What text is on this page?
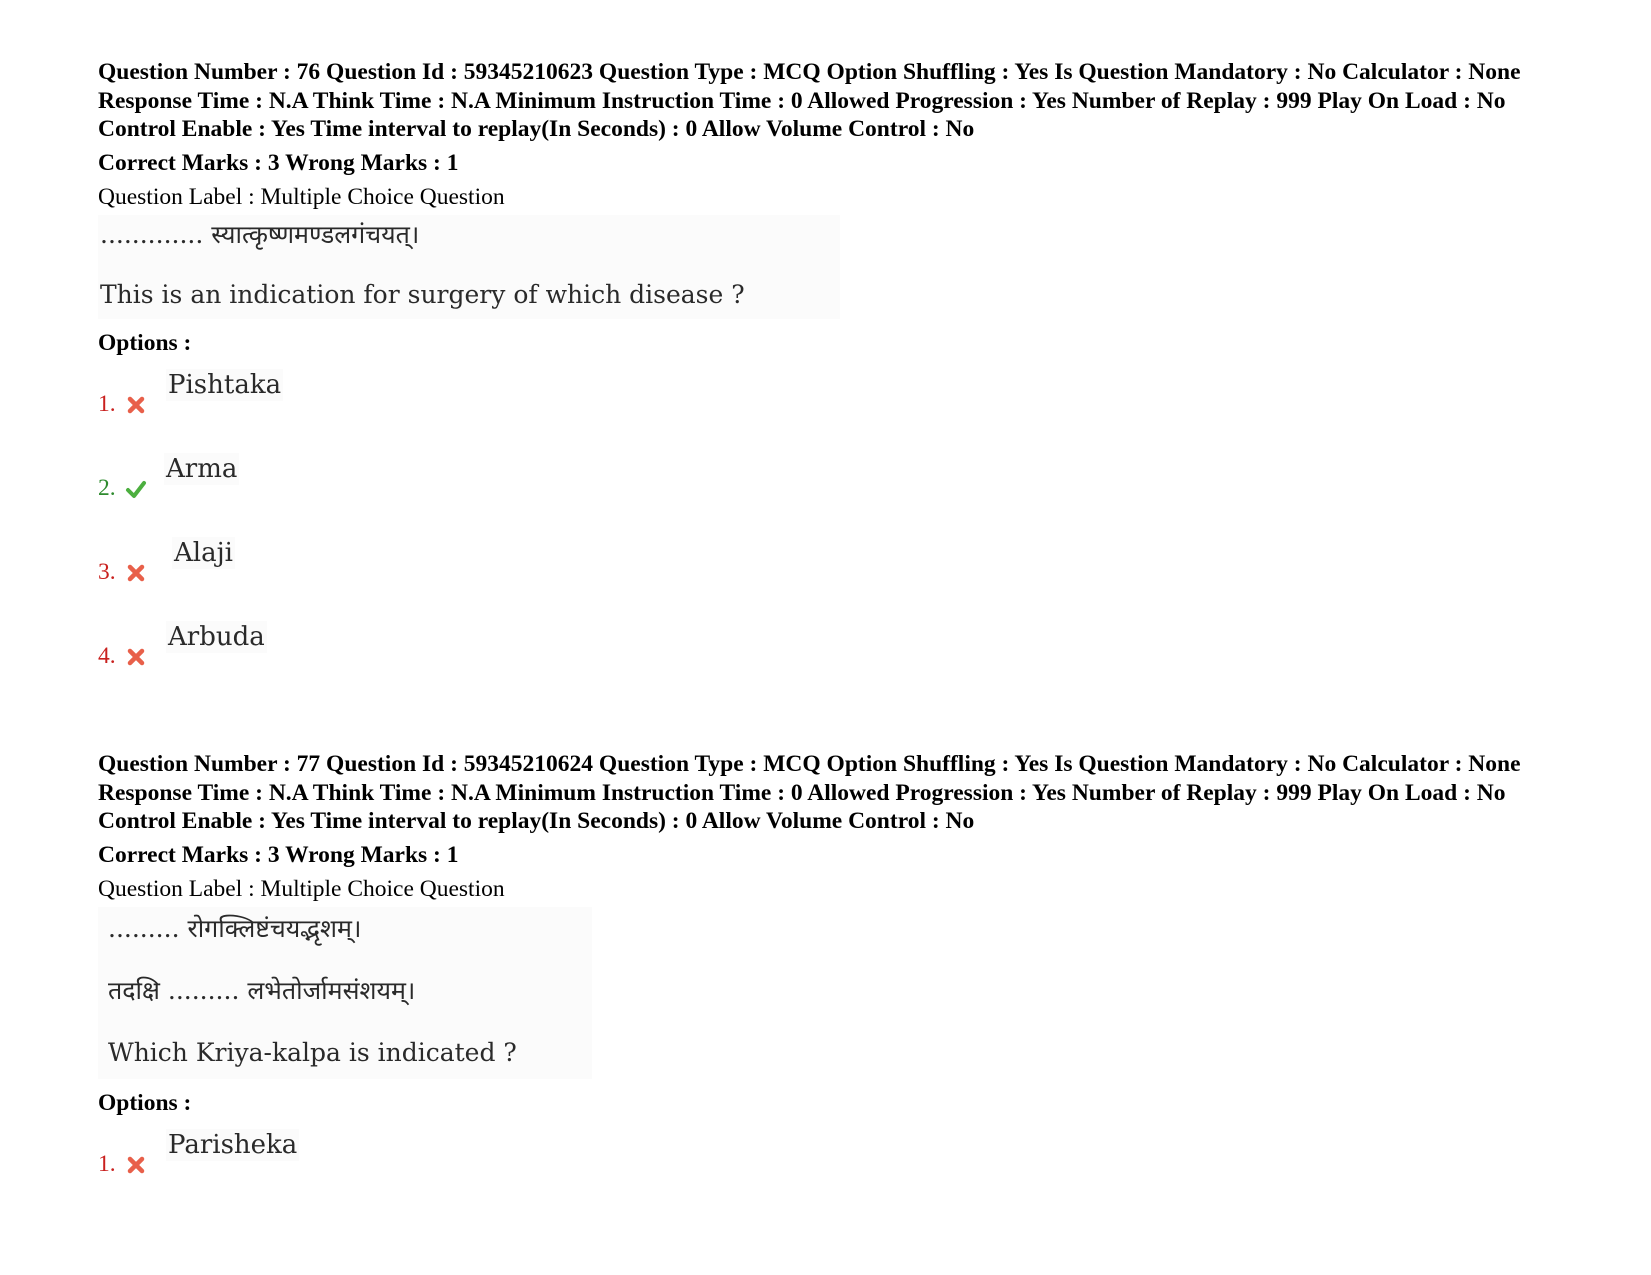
Question Number : 76 Question Id : 59345210623 Question Type : MCQ Option Shuffling : Yes Is Question Mandatory : No Calculator : None Response Time : N.A Think Time : N.A Minimum Instruction Time : 0 Allowed Progression : Yes Number of Replay : 999 Play On Load : No Control Enable : Yes Time interval to replay(In Seconds) : 0 Allow Volume Control : No

Correct Marks : 3 Wrong Marks : 1
Question Label : Multiple Choice Question
............. स्यात्कृष्णमण्डलगंचयत्।
This is an indication for surgery of which disease ?
Options :
1.
Pishtaka
2.
Arma
3.
Alaji
4.
Arbuda

Question Number : 77 Question Id : 59345210624 Question Type : MCQ Option Shuffling : Yes Is Question Mandatory : No Calculator : None Response Time : N.A Think Time : N.A Minimum Instruction Time : 0 Allowed Progression : Yes Number of Replay : 999 Play On Load : No Control Enable : Yes Time interval to replay(In Seconds) : 0 Allow Volume Control : No

Correct Marks : 3 Wrong Marks : 1
Question Label : Multiple Choice Question
......... रोगक्लिष्टंचयद्भृशम्।
तदक्षि ......... लभेतोर्जामसंशयम्।
Which Kriya-kalpa is indicated ?
Options :
1.
Parisheka
